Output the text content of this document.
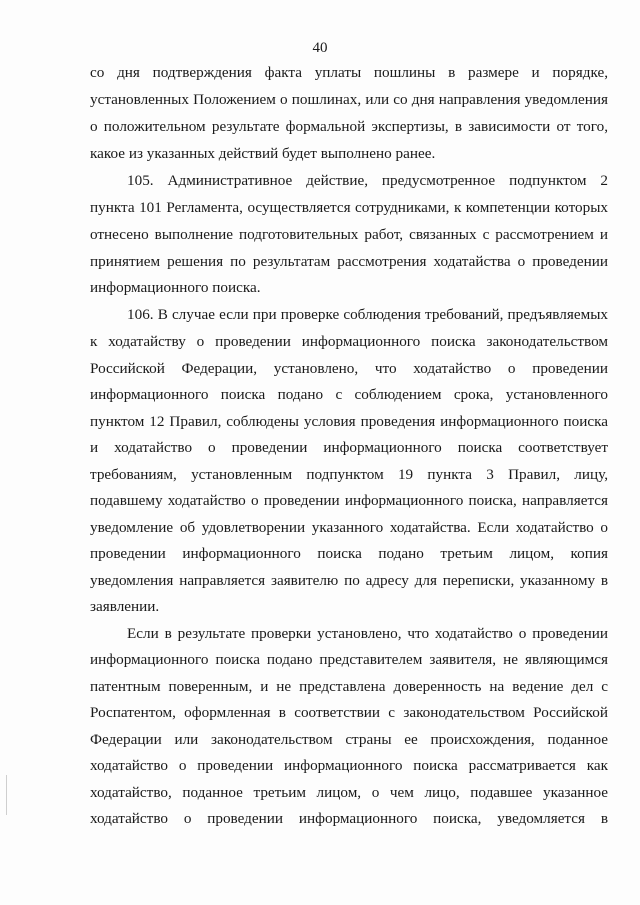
40
со дня подтверждения факта уплаты пошлины в размере и порядке,
установленных Положением о пошлинах, или со дня направления уведомления
о положительном результате формальной экспертизы, в зависимости от того,
какое из указанных действий будет выполнено ранее.
105. Административное действие, предусмотренное подпунктом 2
пункта 101 Регламента, осуществляется сотрудниками, к компетенции которых
отнесено выполнение подготовительных работ, связанных с рассмотрением и
принятием решения по результатам рассмотрения ходатайства о проведении
информационного поиска.
106. В случае если при проверке соблюдения требований, предъявляемых
к ходатайству о проведении информационного поиска законодательством
Российской Федерации, установлено, что ходатайство о проведении
информационного поиска подано с соблюдением срока, установленного
пунктом 12 Правил, соблюдены условия проведения информационного поиска
и ходатайство о проведении информационного поиска соответствует
требованиям, установленным подпунктом 19 пункта 3 Правил, лицу,
подавшему ходатайство о проведении информационного поиска, направляется
уведомление об удовлетворении указанного ходатайства. Если ходатайство о
проведении информационного поиска подано третьим лицом, копия
уведомления направляется заявителю по адресу для переписки, указанному в
заявлении.
Если в результате проверки установлено, что ходатайство о проведении
информационного поиска подано представителем заявителя, не являющимся
патентным поверенным, и не представлена доверенность на ведение дел с
Роспатентом, оформленная в соответствии с законодательством Российской
Федерации или законодательством страны ее происхождения, поданное
ходатайство о проведении информационного поиска рассматривается как
ходатайство, поданное третьим лицом, о чем лицо, подавшее указанное
ходатайство о проведении информационного поиска, уведомляется в
